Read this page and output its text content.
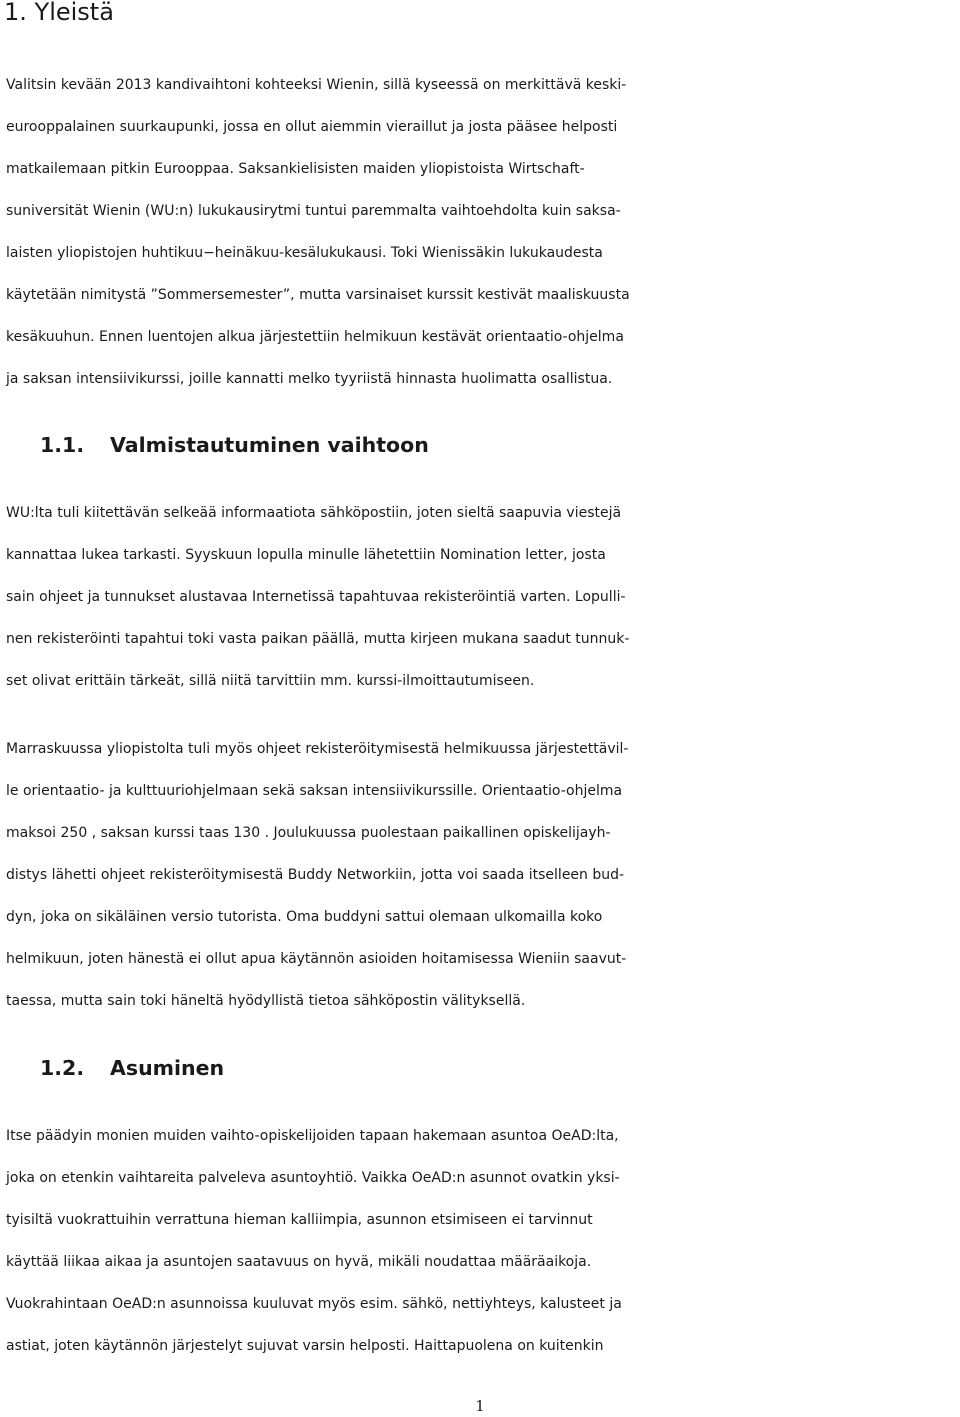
1. Yleistä
Valitsin kevään 2013 kandivaihtoni kohteeksi Wienin, sillä kyseessä on merkittävä keski-
eurooppalainen suurkaupunki, jossa en ollut aiemmin vieraillut ja josta pääsee helposti
matkailemaan pitkin Eurooppaa. Saksankielisisten maiden yliopistoista Wirtschaft-
suniversität Wienin (WU:n) lukukausirytmi tuntui paremmalta vaihtoehdolta kuin saksa-
laisten yliopistojen huhtikuu−heinäkuu-kesälukukausi. Toki Wienissäkin lukukaudesta
käytetään nimitystä ”Sommersemester”, mutta varsinaiset kurssit kestivät maaliskuusta
kesäkuuhun. Ennen luentojen alkua järjestettiin helmikuun kestävät orientaatio-ohjelma
ja saksan intensiivikurssi, joille kannatti melko tyyriistä hinnasta huolimatta osallistua.
1.1. Valmistautuminen vaihtoon
WU:lta tuli kiitettävän selkeää informaatiota sähköpostiin, joten sieltä saapuvia viestejä
kannattaa lukea tarkasti. Syyskuun lopulla minulle lähetettiin Nomination letter, josta
sain ohjeet ja tunnukset alustavaa Internetissä tapahtuvaa rekisteröintiä varten. Lopulli-
nen rekisteröinti tapahtui toki vasta paikan päällä, mutta kirjeen mukana saadut tunnuk-
set olivat erittäin tärkeät, sillä niitä tarvittiin mm. kurssi-ilmoittautumiseen.
Marraskuussa yliopistolta tuli myös ohjeet rekisteröitymisestä helmikuussa järjestettävil-
le orientaatio- ja kulttuuriohjelmaan sekä saksan intensiivikurssille. Orientaatio-ohjelma
maksoi 250 , saksan kurssi taas 130 . Joulukuussa puolestaan paikallinen opiskelijayh-
distys lähetti ohjeet rekisteröitymisestä Buddy Networkiin, jotta voi saada itselleen bud-
dyn, joka on sikäläinen versio tutorista. Oma buddyni sattui olemaan ulkomailla koko
helmikuun, joten hänestä ei ollut apua käytännön asioiden hoitamisessa Wieniin saavut-
taessa, mutta sain toki häneltä hyödyllistä tietoa sähköpostin välityksellä.
1.2. Asuminen
Itse päädyin monien muiden vaihto-opiskelijoiden tapaan hakemaan asuntoa OeAD:lta,
joka on etenkin vaihtareita palveleva asuntoyhtiö. Vaikka OeAD:n asunnot ovatkin yksi-
tyisiltä vuokrattuihin verrattuna hieman kalliimpia, asunnon etsimiseen ei tarvinnut
käyttää liikaa aikaa ja asuntojen saatavuus on hyvä, mikäli noudattaa määräaikoja.
Vuokrahintaan OeAD:n asunnoissa kuuluvat myös esim. sähkö, nettiyhteys, kalusteet ja
astiat, joten käytännön järjestelyt sujuvat varsin helposti. Haittapuolena on kuitenkin
1
